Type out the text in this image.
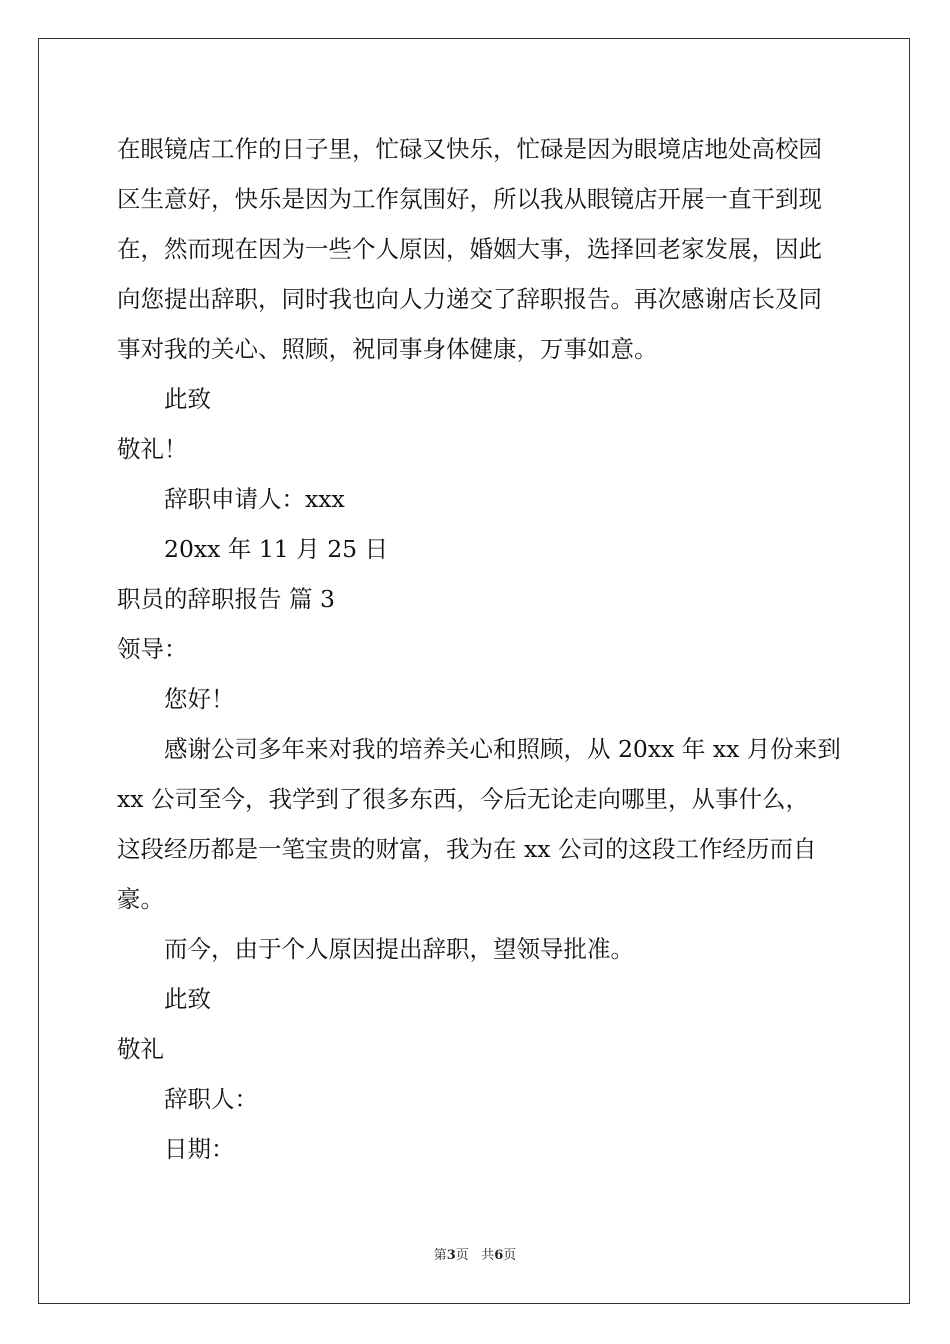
在眼镜店工作的日子里，忙碌又快乐，忙碌是因为眼境店地处高校园
区生意好，快乐是因为工作氛围好，所以我从眼镜店开展一直干到现
在，然而现在因为一些个人原因，婚姻大事，选择回老家发展，因此
向您提出辞职，同时我也向人力递交了辞职报告。再次感谢店长及同
事对我的关心、照顾，祝同事身体健康，万事如意。
此致
敬礼！
辞职申请人：xxx
20xx 年 11 月 25 日
职员的辞职报告 篇 3
领导：
您好！
　　感谢公司多年来对我的培养关心和照顾，从 20xx 年 xx 月份来到
xx 公司至今，我学到了很多东西，今后无论走向哪里，从事什么，
这段经历都是一笔宝贵的财富，我为在 xx 公司的这段工作经历而自
豪。
而今，由于个人原因提出辞职，望领导批准。
此致
敬礼
辞职人：
日期：
第3页 共6页
